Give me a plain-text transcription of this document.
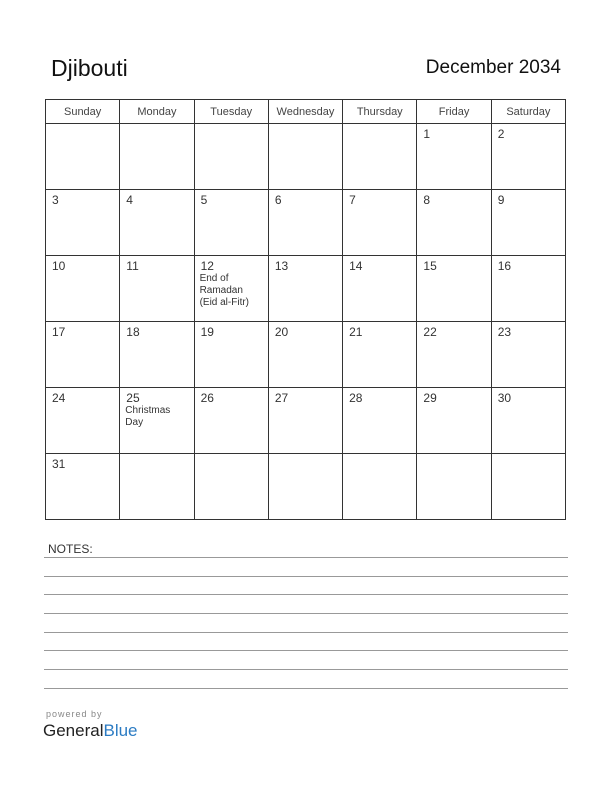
Djibouti	December 2034
Sunday	Monday	Tuesday	Wednesday	Thursday	Friday	Saturday

					1	2

3	4	5	6	7	8	9

10	11	12
End of
Ramadan
(Eid al-Fitr)	13	14	15	16

17	18	19	20	21	22	23

24	25
Christmas
Day	26	27	28	29	30

31						

NOTES:
powered by
GeneralBlue
